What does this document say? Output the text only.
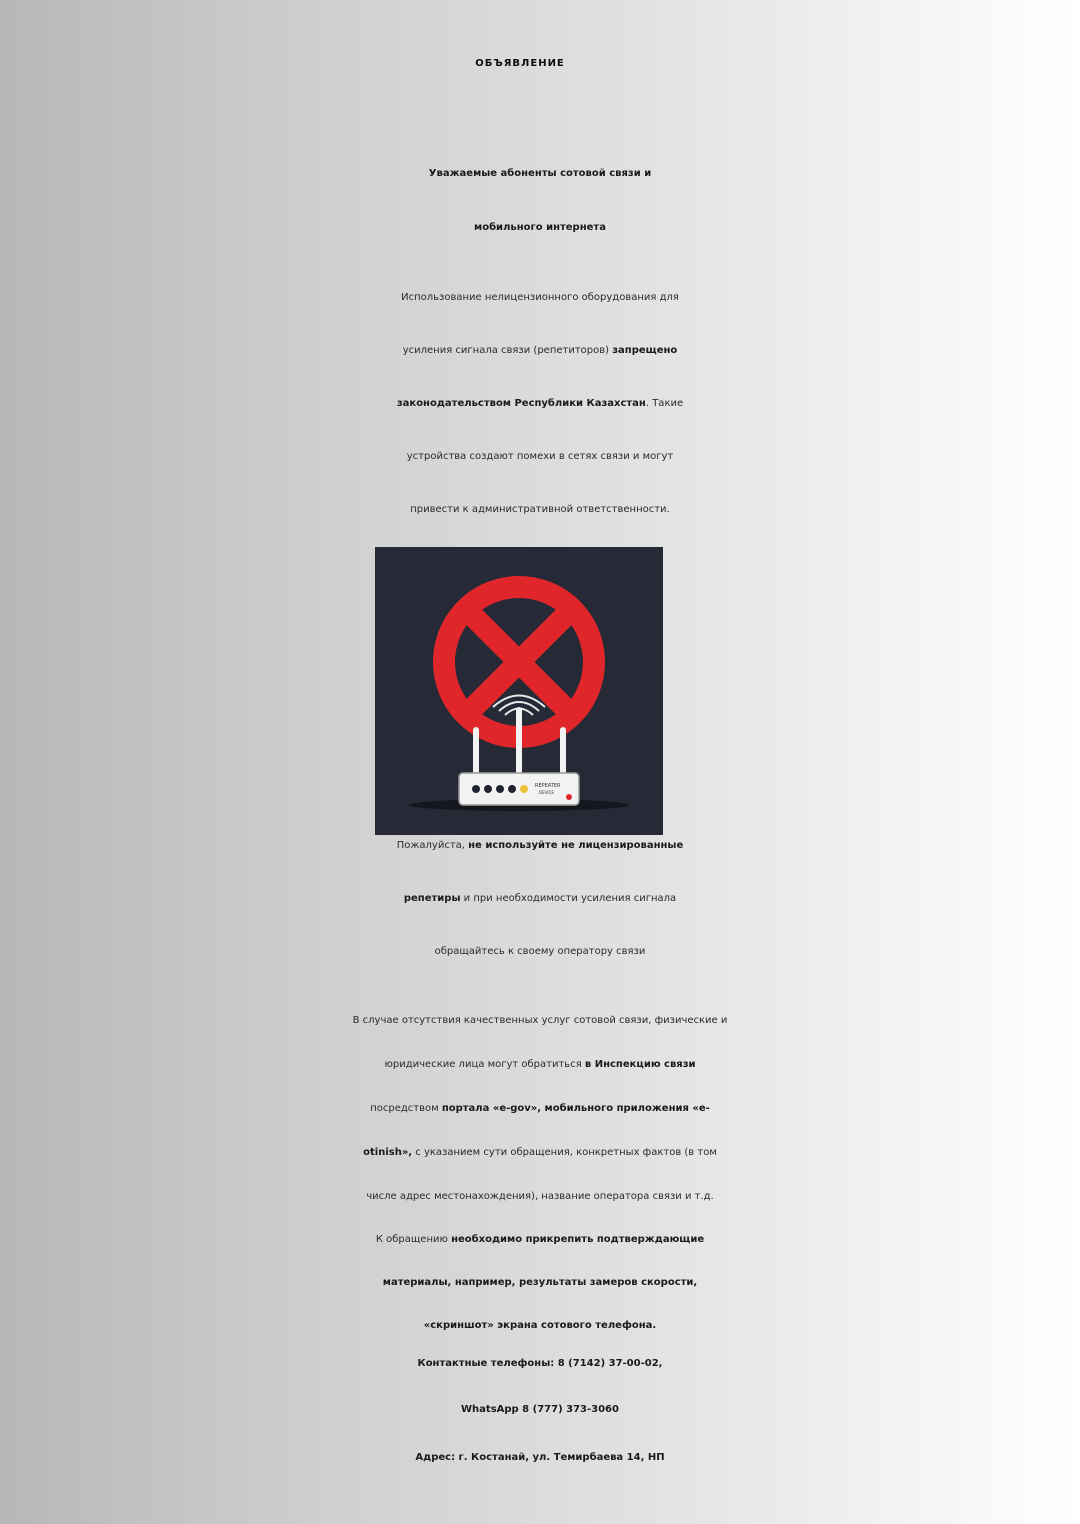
ОБЪЯВЛЕНИЕ
Уважаемые абоненты сотовой связи и
мобильного интернета
Использование нелицензионного оборудования для
усиления сигнала связи (репетиторов) запрещено
законодательством Республики Казахстан. Такие
устройства создают помехи в сетях связи и могут
привести к административной ответственности.
REPEATER
DEVICE
Пожалуйста, не используйте не лицензированные
репетиры и при необходимости усиления сигнала
обращайтесь к своему оператору связи
В случае отсутствия качественных услуг сотовой связи, физические и
юридические лица могут обратиться в Инспекцию связи
посредством портала «e-gov», мобильного приложения «e-
otinish», с указанием сути обращения, конкретных фактов (в том
числе адрес местонахождения), название оператора связи и т.д.
К обращению необходимо прикрепить подтверждающие
материалы, например, результаты замеров скорости,
«скриншот» экрана сотового телефона.
Контактные телефоны: 8 (7142) 37-00-02,
WhatsApp 8 (777) 373-3060
Адрес: г. Костанай, ул. Темирбаева 14, НП
